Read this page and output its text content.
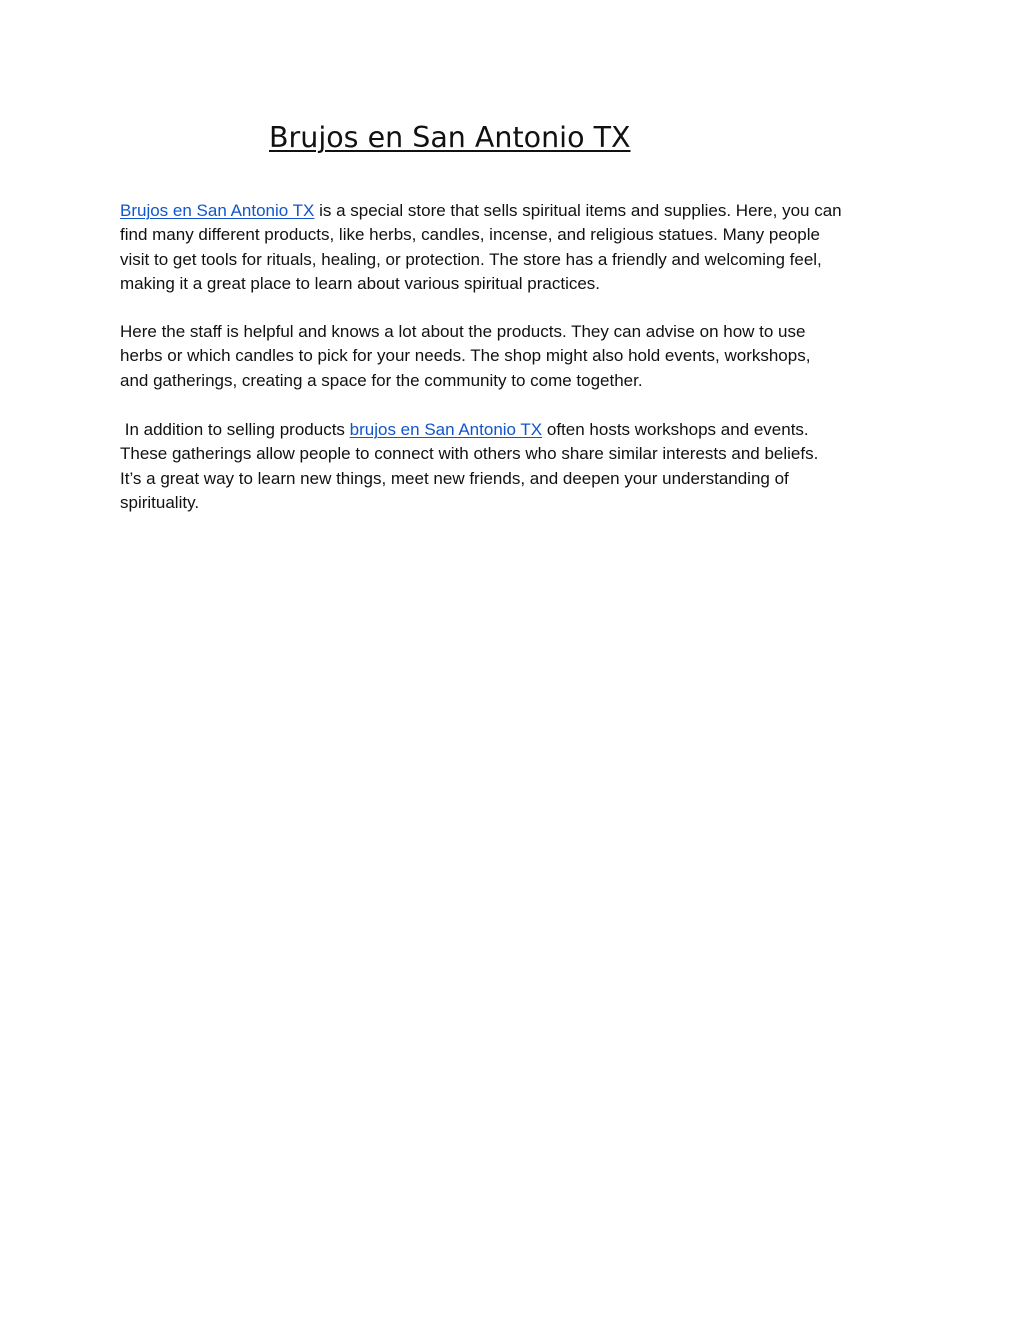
Brujos en San Antonio TX

Brujos en San Antonio TX is a special store that sells spiritual items and supplies. Here, you can
find many different products, like herbs, candles, incense, and religious statues. Many people
visit to get tools for rituals, healing, or protection. The store has a friendly and welcoming feel,
making it a great place to learn about various spiritual practices.

Here the staff is helpful and knows a lot about the products. They can advise on how to use
herbs or which candles to pick for your needs. The shop might also hold events, workshops,
and gatherings, creating a space for the community to come together.

In addition to selling products brujos en San Antonio TX often hosts workshops and events.
These gatherings allow people to connect with others who share similar interests and beliefs.
It’s a great way to learn new things, meet new friends, and deepen your understanding of
spirituality.
